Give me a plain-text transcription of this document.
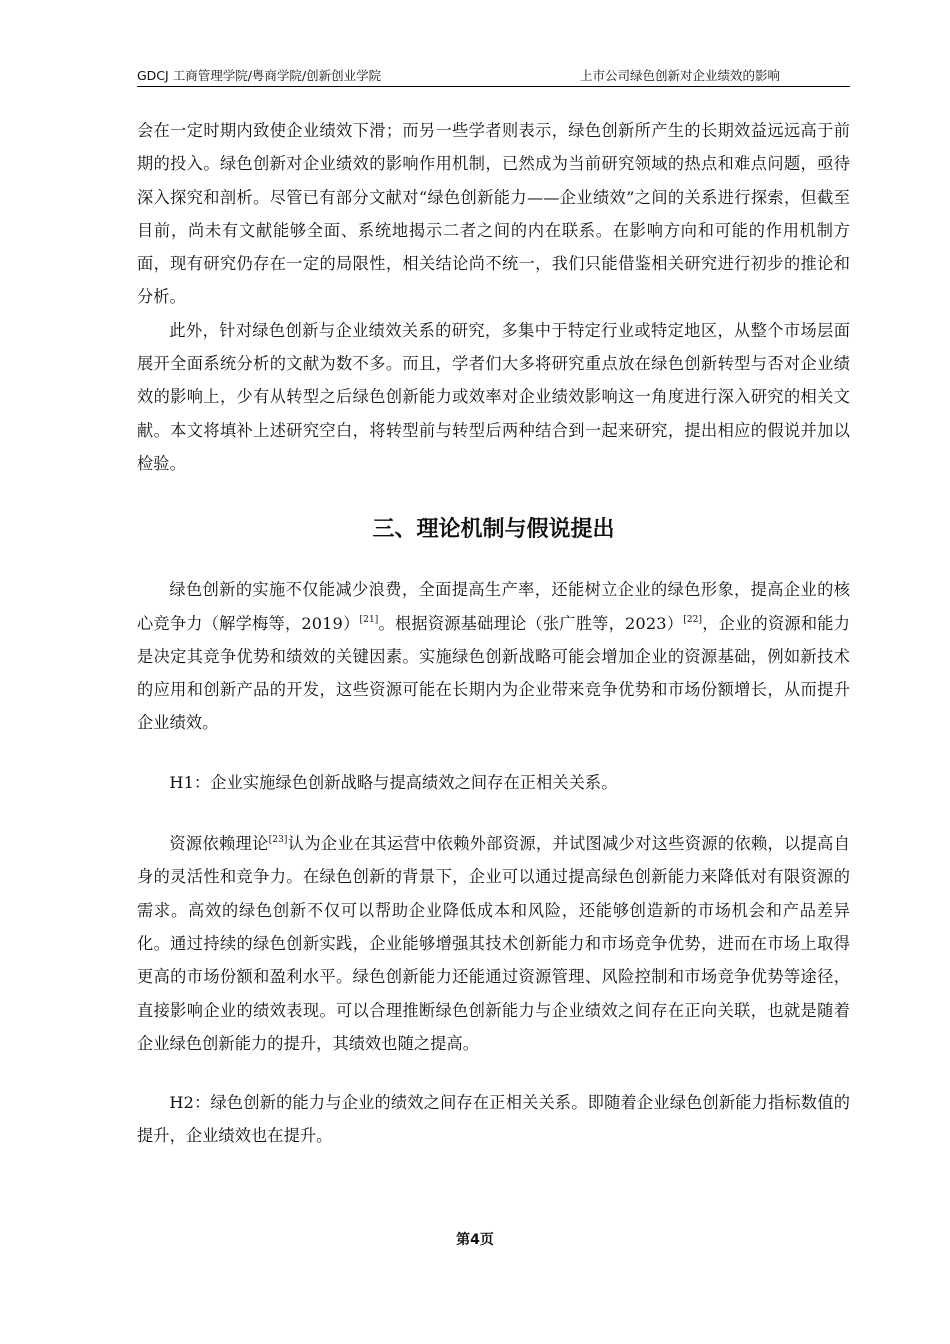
GDCJ 工商管理学院/粤商学院/创新创业学院	上市公司绿色创新对企业绩效的影响

会在一定时期内致使企业绩效下滑；而另一些学者则表示，绿色创新所产生的长期效益远远高于前期的投入。绿色创新对企业绩效的影响作用机制，已然成为当前研究领域的热点和难点问题，亟待深入探究和剖析。尽管已有部分文献对“绿色创新能力——企业绩效”之间的关系进行探索，但截至目前，尚未有文献能够全面、系统地揭示二者之间的内在联系。在影响方向和可能的作用机制方面，现有研究仍存在一定的局限性，相关结论尚不统一，我们只能借鉴相关研究进行初步的推论和分析。

此外，针对绿色创新与企业绩效关系的研究，多集中于特定行业或特定地区，从整个市场层面展开全面系统分析的文献为数不多。而且，学者们大多将研究重点放在绿色创新转型与否对企业绩效的影响上，少有从转型之后绿色创新能力或效率对企业绩效影响这一角度进行深入研究的相关文献。本文将填补上述研究空白，将转型前与转型后两种结合到一起来研究，提出相应的假说并加以检验。

三、理论机制与假说提出

绿色创新的实施不仅能减少浪费，全面提高生产率，还能树立企业的绿色形象，提高企业的核心竞争力（解学梅等，2019）[21]。根据资源基础理论（张广胜等，2023）[22]，企业的资源和能力是决定其竞争优势和绩效的关键因素。实施绿色创新战略可能会增加企业的资源基础，例如新技术的应用和创新产品的开发，这些资源可能在长期内为企业带来竞争优势和市场份额增长，从而提升企业绩效。

H1：企业实施绿色创新战略与提高绩效之间存在正相关关系。

资源依赖理论[23]认为企业在其运营中依赖外部资源，并试图减少对这些资源的依赖，以提高自身的灵活性和竞争力。在绿色创新的背景下，企业可以通过提高绿色创新能力来降低对有限资源的需求。高效的绿色创新不仅可以帮助企业降低成本和风险，还能够创造新的市场机会和产品差异化。通过持续的绿色创新实践，企业能够增强其技术创新能力和市场竞争优势，进而在市场上取得更高的市场份额和盈利水平。绿色创新能力还能通过资源管理、风险控制和市场竞争优势等途径，直接影响企业的绩效表现。可以合理推断绿色创新能力与企业绩效之间存在正向关联，也就是随着企业绿色创新能力的提升，其绩效也随之提高。

H2：绿色创新的能力与企业的绩效之间存在正相关关系。即随着企业绿色创新能力指标数值的提升，企业绩效也在提升。

第4页
